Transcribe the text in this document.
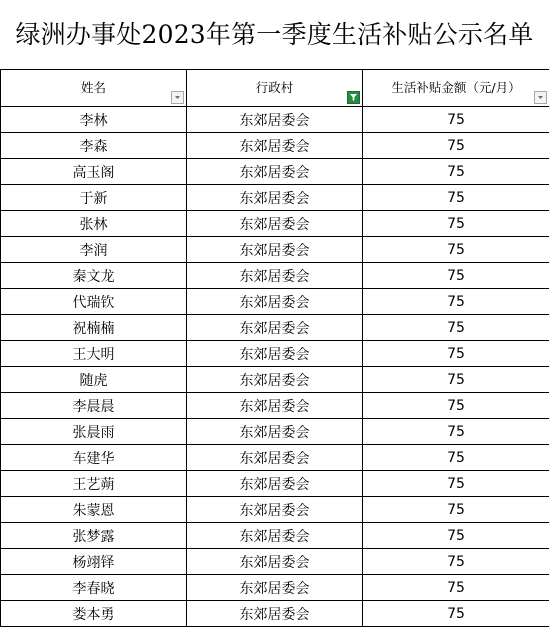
绿洲办事处2023年第一季度生活补贴公示名单
姓名	行政村	生活补贴金额（元/月）

李林	东郊居委会	75
李森	东郊居委会	75
高玉阁	东郊居委会	75
于新	东郊居委会	75
张林	东郊居委会	75
李润	东郊居委会	75
秦文龙	东郊居委会	75
代瑞钦	东郊居委会	75
祝楠楠	东郊居委会	75
王大明	东郊居委会	75
随虎	东郊居委会	75
李晨晨	东郊居委会	75
张晨雨	东郊居委会	75
车建华	东郊居委会	75
王艺蒴	东郊居委会	75
朱蒙恩	东郊居委会	75
张梦露	东郊居委会	75
杨翊铎	东郊居委会	75
李春晓	东郊居委会	75
娄本勇	东郊居委会	75
